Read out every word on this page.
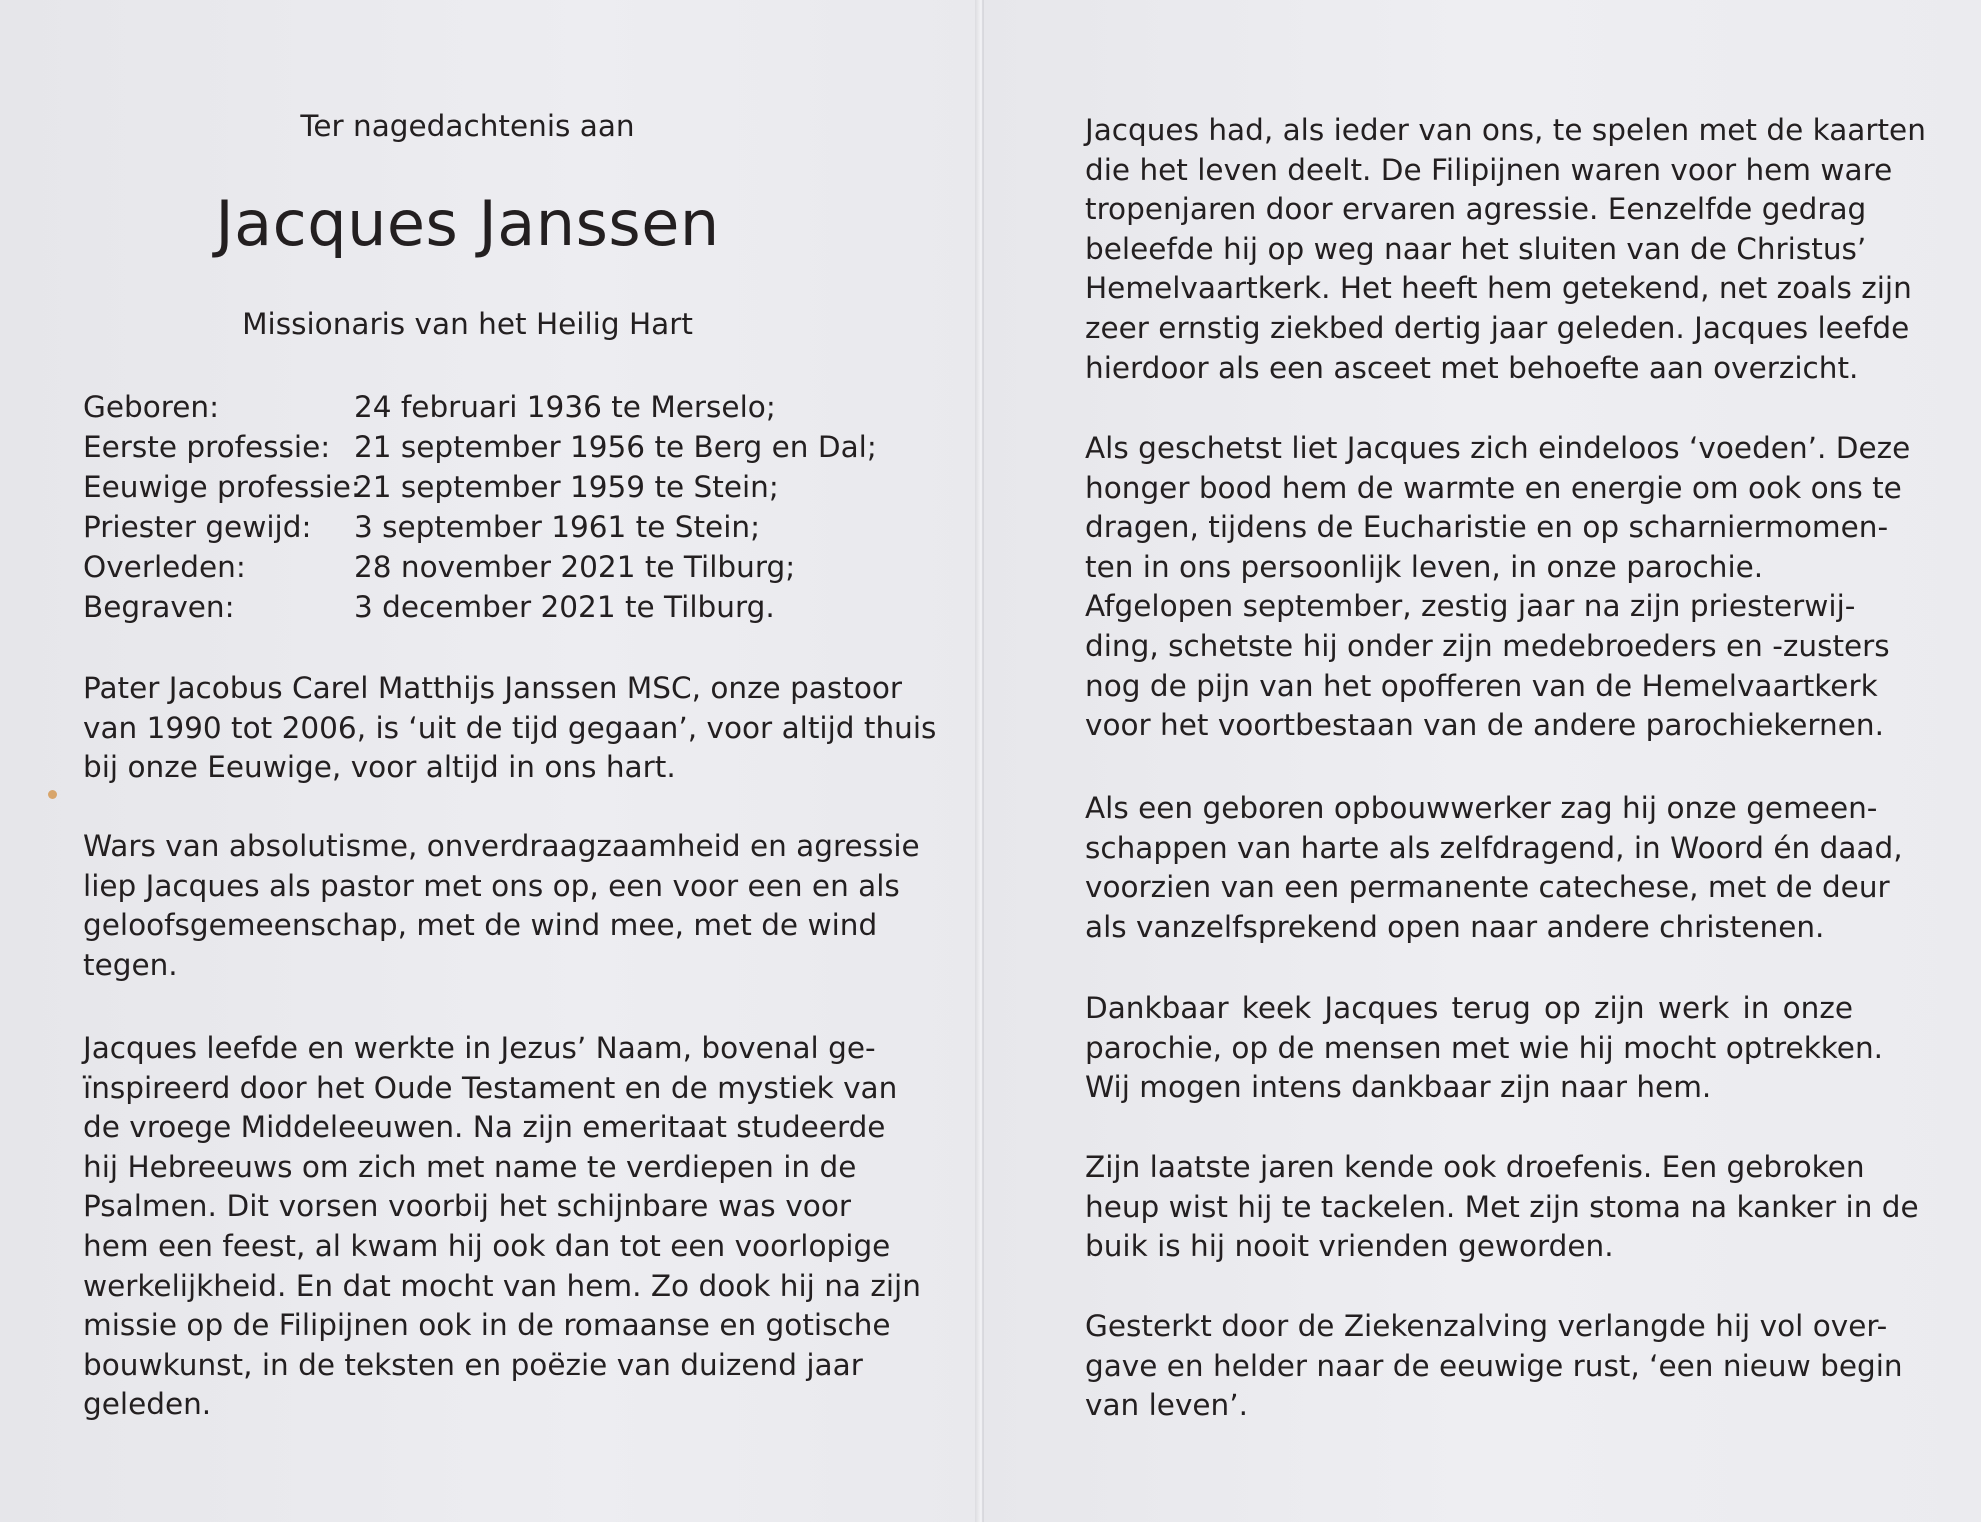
Ter nagedachtenis aan
Jacques Janssen
Missionaris van het Heilig Hart
Geboren:	24 februari 1936 te Merselo;
Eerste professie: 21 september 1956 te Berg en Dal;
Eeuwige professie:
21 september 1959 te Stein;
Priester gewijd: 3 september 1961 te Stein;
Overleden:	28 november 2021 te Tilburg;
Begraven:	3 december 2021 te Tilburg.
Pater Jacobus Carel Matthijs Janssen MSC, onze pastoor
van 1990 tot 2006, is ‘uit de tijd gegaan’, voor altijd thuis
bij onze Eeuwige, voor altijd in ons hart.
Wars van absolutisme, onverdraagzaamheid en agressie
liep Jacques als pastor met ons op, een voor een en als
geloofsgemeenschap, met de wind mee, met de wind
tegen.
Jacques leefde en werkte in Jezus’ Naam, bovenal ge-
ïnspireerd door het Oude Testament en de mystiek van
de vroege Middeleeuwen. Na zijn emeritaat studeerde
hij Hebreeuws om zich met name te verdiepen in de
Psalmen. Dit vorsen voorbij het schijnbare was voor
hem een feest, al kwam hij ook dan tot een voorlopige
werkelijkheid. En dat mocht van hem. Zo dook hij na zijn
missie op de Filipijnen ook in de romaanse en gotische
bouwkunst, in de teksten en poëzie van duizend jaar
geleden.
Jacques had, als ieder van ons, te spelen met de kaarten
die het leven deelt. De Filipijnen waren voor hem ware
tropenjaren door ervaren agressie. Eenzelfde gedrag
beleefde hij op weg naar het sluiten van de Christus’
Hemelvaartkerk. Het heeft hem getekend, net zoals zijn
zeer ernstig ziekbed dertig jaar geleden. Jacques leefde
hierdoor als een asceet met behoefte aan overzicht.
Als geschetst liet Jacques zich eindeloos ‘voeden’. Deze
honger bood hem de warmte en energie om ook ons te
dragen, tijdens de Eucharistie en op scharniermomen-
ten in ons persoonlijk leven, in onze parochie.
Afgelopen september, zestig jaar na zijn priesterwij-
ding, schetste hij onder zijn medebroeders en -zusters
nog de pijn van het opofferen van de Hemelvaartkerk
voor het voortbestaan van de andere parochiekernen.
Als een geboren opbouwwerker zag hij onze gemeen-
schappen van harte als zelfdragend, in Woord én daad,
voorzien van een permanente catechese, met de deur
als vanzelfsprekend open naar andere christenen.
Dankbaar keek Jacques terug op zijn werk in onze
parochie, op de mensen met wie hij mocht optrekken.
Wij mogen intens dankbaar zijn naar hem.
Zijn laatste jaren kende ook droefenis. Een gebroken
heup wist hij te tackelen. Met zijn stoma na kanker in de
buik is hij nooit vrienden geworden.
Gesterkt door de Ziekenzalving verlangde hij vol over-
gave en helder naar de eeuwige rust, ‘een nieuw begin
van leven’.
